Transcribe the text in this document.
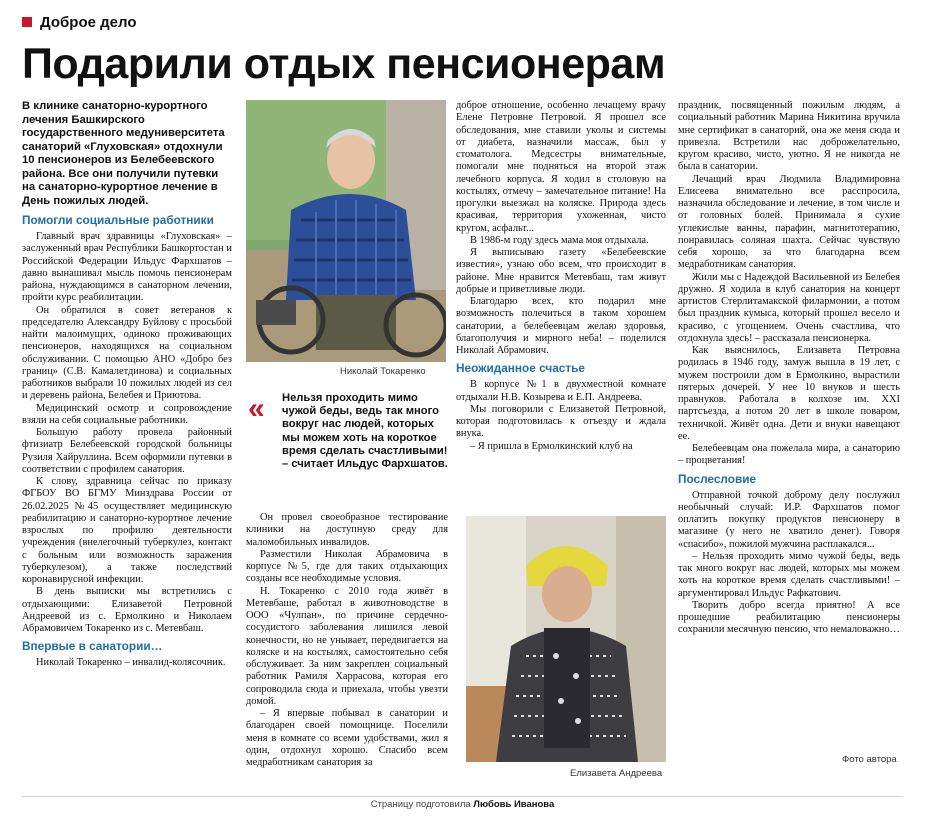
Доброе дело
Подарили отдых пенсионерам
В клинике санаторно-курортного лечения Башкирского государственного медуниверситета санаторий «Глуховская» отдохнули 10 пенсионеров из Белебеевского района. Все они получили путевки на санаторно-курортное лечение в День пожилых людей.
Помогли социальные работники

Главный врач здравницы «Глуховская» – заслуженный врач Республики Башкортостан и Российской Федерации Ильдус Фархшатов – давно вынашивал мысль помочь пенсионерам района, нуждающимся в санаторном лечении, пройти курс реабилитации.

Он обратился в совет ветеранов к председателю Александру Буйлову с просьбой найти малоимущих, одиноко проживающих пенсионеров, находящихся на социальном обслуживании. С помощью АНО «Добро без границ» (С.В. Камалетдинова) и социальных работников выбрали 10 пожилых людей из сел и деревень района, Белебея и Приютова.

Медицинский осмотр и сопровождение взяли на себя социальные работники.

Большую работу провела районный фтизиатр Белебеевской городской больницы Рузиля Хайруллина. Всем оформили путевки в соответствии с профилем санатория.

К слову, здравница сейчас по приказу ФГБОУ ВО БГМУ Минздрава России от 26.02.2025 №45 осуществляет медицинскую реабилитацию и санаторно-курортное лечение взрослых по профилю деятельности учреждения (внелегочный туберкулез, контакт с больным или возможность заражения туберкулезом), а также последствий коронавирусной инфекции.

В день выписки мы встретились с отдыхающими: Елизаветой Петровной Андреевой из с. Ермолкино и Николаем Абрамовичем Токаренко из с. Метевбаш.

Впервые в санатории…

Николай Токаренко – инвалид-колясочник.

Николай Токаренко
« Нельзя проходить мимо чужой беды, ведь так много вокруг нас людей, которых мы можем хоть на короткое время сделать счастливыми! – считает Ильдус Фархшатов.

Он провел своеобразное тестирование клиники на доступную среду для маломобильных инвалидов.

Разместили Николая Абрамовича в корпусе №5, где для таких отдыхающих созданы все необходимые условия.

Н. Токаренко с 2010 года живёт в Метевбаше, работал в животноводстве в ООО «Чулпан», по причине сердечно-сосудистого заболевания лишился левой конечности, но не унывает, передвигается на коляске и на костылях, самостоятельно себя обслуживает. За ним закреплен социальный работник Рамиля Харрасова, которая его сопроводила сюда и приехала, чтобы увезти домой.

– Я впервые побывал в санатории и благодарен своей помощнице. Поселили меня в комнате со всеми удобствами, жил я один, отдохнул хорошо. Спасибо всем медработникам санатория за

доброе отношение, особенно лечащему врачу Елене Петровне Петровой. Я прошел все обследования, мне ставили уколы и системы от диабета, назначили массаж, был у стоматолога. Медсестры внимательные, помогали мне подняться на второй этаж лечебного корпуса. Я ходил в столовую на костылях, отмечу – замечательное питание! На прогулки выезжал на коляске. Природа здесь красивая, территория ухоженная, чисто кругом, асфальт...

В 1986-м году здесь мама моя отдыхала.

Я выписываю газету «Белебеевские известия», узнаю обо всем, что происходит в районе. Мне нравится Метевбаш, там живут добрые и приветливые люди.

Благодарю всех, кто подарил мне возможность полечиться в таком хорошем санатории, а белебеевцам желаю здоровья, благополучия и мирного неба! – поделился Николай Абрамович.

Неожиданное счастье

В корпусе №1 в двухместной комнате отдыхали Н.В. Козырева и Е.П. Андреева.

Мы поговорили с Елизаветой Петровной, которая подготовилась к отъезду и ждала внука.

– Я пришла в Ермолкинский клуб на

Елизавета Андреева

праздник, посвященный пожилым людям, а социальный работник Марина Никитина вручила мне сертификат в санаторий, она же меня сюда и привезла. Встретили нас доброжелательно, кругом красиво, чисто, уютно. Я не никогда не была в санатории.

Лечащий врач Людмила Владимировна Елисеева внимательно все расспросила, назначила обследование и лечение, в том числе и от головных болей. Принимала я сухие углекислые ванны, парафин, магнитотерапию, понравилась соляная шахта. Сейчас чувствую себя хорошо, за что благодарна всем медработникам санатория.

Жили мы с Надеждой Васильевной из Белебея дружно. Я ходила в клуб санатория на концерт артистов Стерлитамакской филармонии, а потом был праздник кумыса, который прошел весело и красиво, с угощением. Очень счастлива, что отдохнула здесь! – рассказала пенсионерка.

Как выяснилось, Елизавета Петровна родилась в 1946 году, замуж вышла в 19 лет, с мужем построили дом в Ермолкино, вырастили пятерых дочерей. У нее 10 внуков и шесть правнуков. Работала в колхозе им. XXI партсъезда, а потом 20 лет в школе поваром, техничкой. Живёт одна. Дети и внуки навещают ее.

Белебеевцам она пожелала мира, а санаторию – процветания!

Послесловие

Отправной точкой доброму делу послужил необычный случай: И.Р. Фархшатов помог оплатить покупку продуктов пенсионеру в магазине (у него не хватило денег). Говоря «спасибо», пожилой мужчина расплакался...

– Нельзя проходить мимо чужой беды, ведь так много вокруг нас людей, которых мы можем хоть на короткое время сделать счастливыми! – аргументировал Ильдус Рафкатович.

Творить добро всегда приятно! А все прошедшие реабилитацию пенсионеры сохранили месячную пенсию, что немаловажно…

Фото автора
Страницу подготовила Любовь Иванова
